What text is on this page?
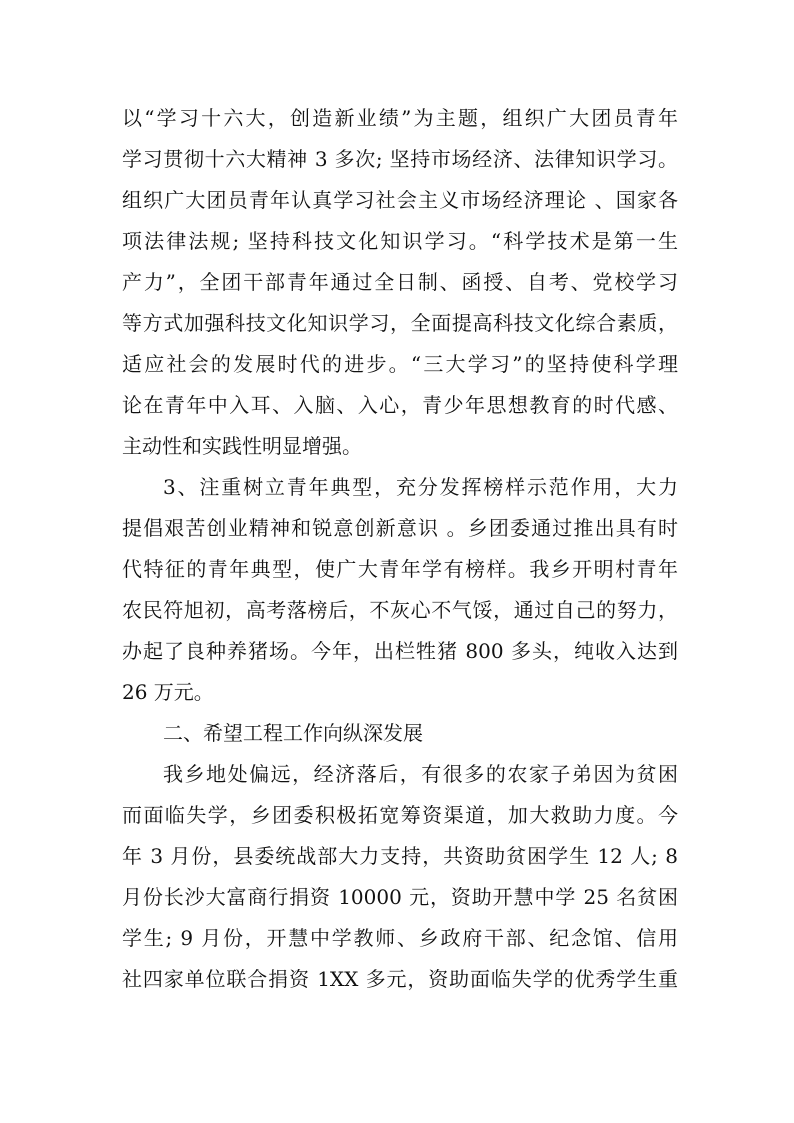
以“学习十六大，创造新业绩”为主题，组织广大团员青年
学习贯彻十六大精神 3 多次; 坚持市场经济、法律知识学习。
组织广大团员青年认真学习社会主义市场经济理论 、国家各
项法律法规; 坚持科技文化知识学习。“科学技术是第一生
产力”，全团干部青年通过全日制、函授、自考、党校学习
等方式加强科技文化知识学习，全面提高科技文化综合素质，
适应社会的发展时代的进步。“三大学习”的坚持使科学理
论在青年中入耳、入脑、入心，青少年思想教育的时代感、
主动性和实践性明显增强。
3、注重树立青年典型，充分发挥榜样示范作用，大力
提倡艰苦创业精神和锐意创新意识 。乡团委通过推出具有时
代特征的青年典型，使广大青年学有榜样。我乡开明村青年
农民符旭初，高考落榜后，不灰心不气馁，通过自己的努力，
办起了良种养猪场。今年，出栏牲猪 800 多头，纯收入达到
26 万元。
二、希望工程工作向纵深发展
我乡地处偏远，经济落后，有很多的农家子弟因为贫困
而面临失学，乡团委积极拓宽筹资渠道，加大救助力度。今
年 3 月份，县委统战部大力支持，共资助贫困学生 12 人; 8
月份长沙大富商行捐资 10000 元，资助开慧中学 25 名贫困
学生; 9 月份，开慧中学教师、乡政府干部、纪念馆、信用
社四家单位联合捐资 1XX 多元，资助面临失学的优秀学生重
